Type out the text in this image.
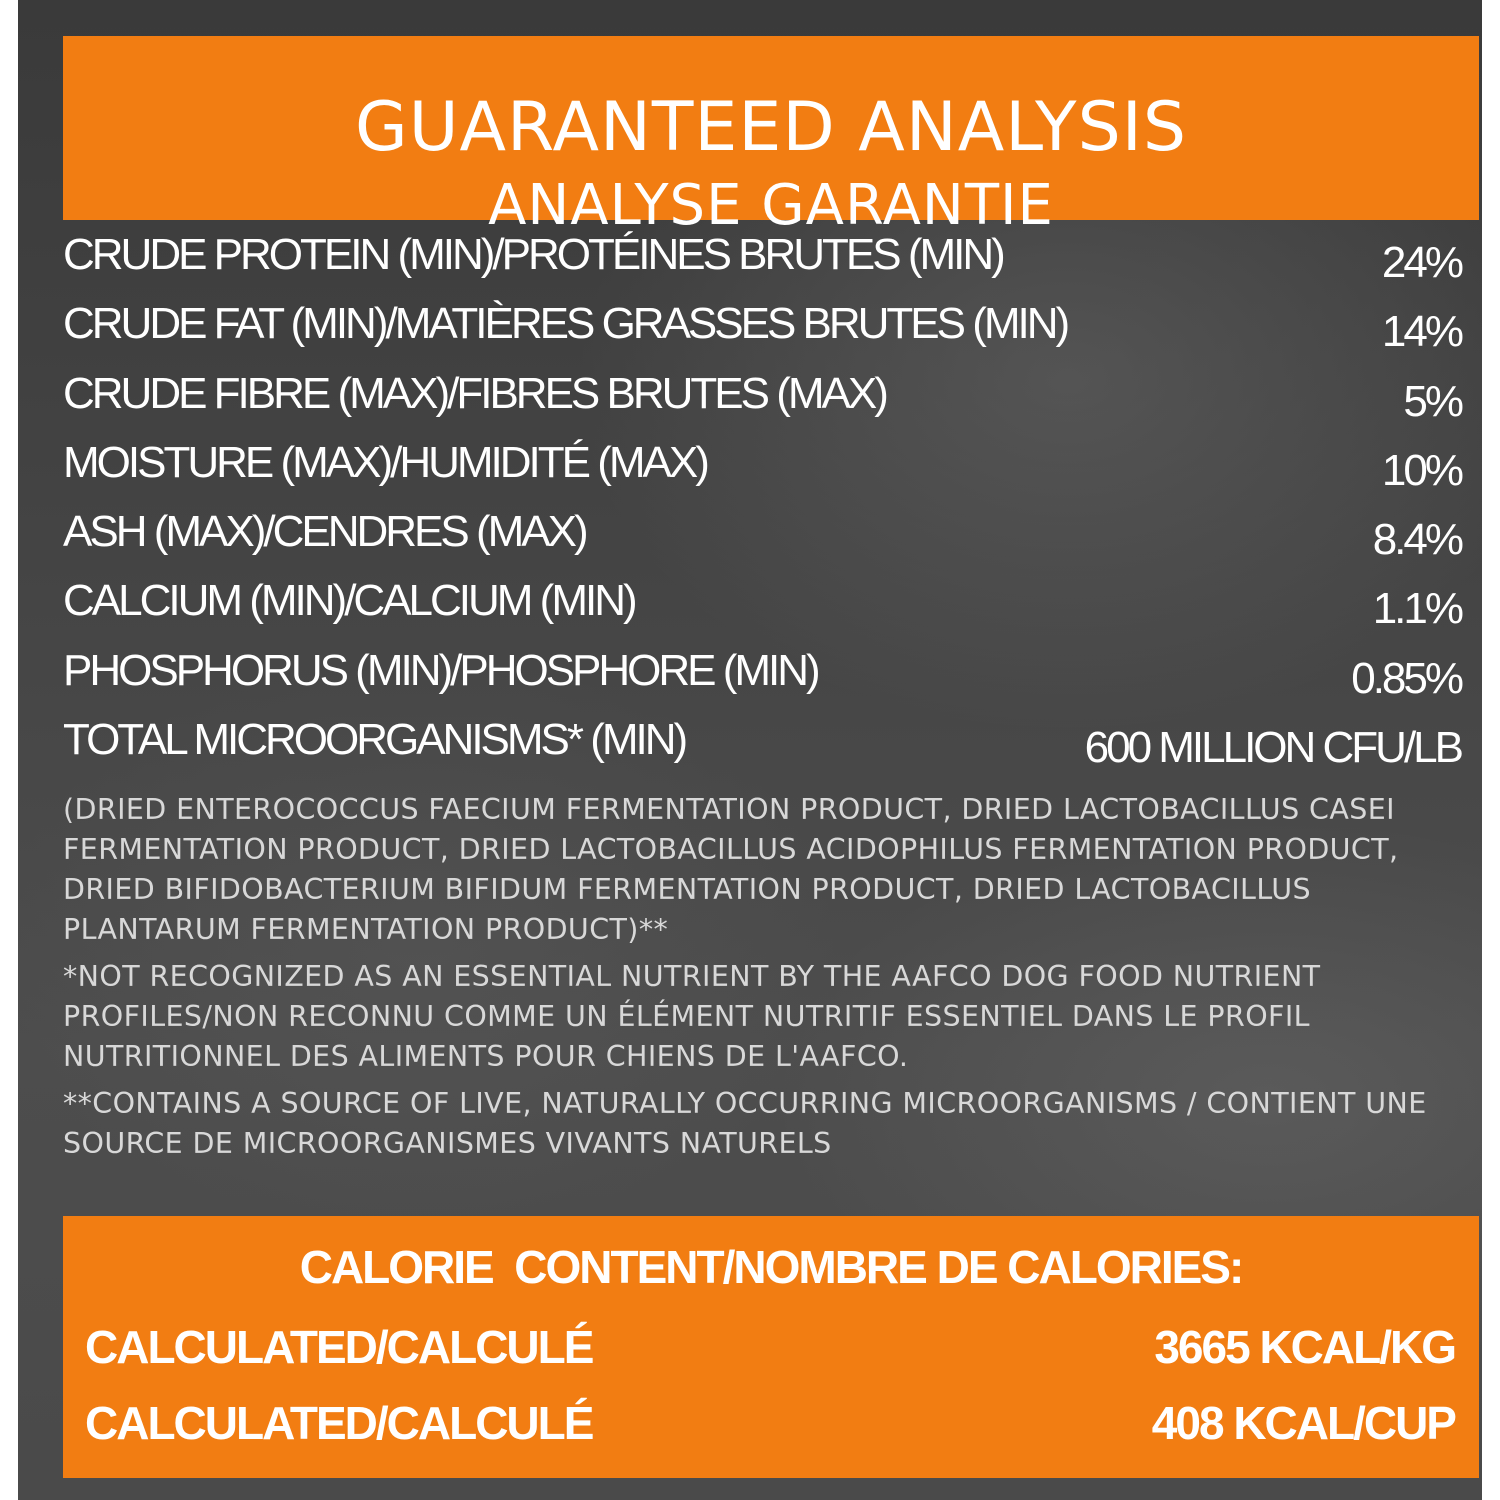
GUARANTEED ANALYSIS
ANALYSE GARANTIE
CRUDE PROTEIN (MIN)/PROTÉINES BRUTES (MIN)	24%
CRUDE FAT (MIN)/MATIÈRES GRASSES BRUTES (MIN)	14%
CRUDE FIBRE (MAX)/FIBRES BRUTES (MAX)	5%
MOISTURE (MAX)/HUMIDITÉ (MAX)	10%
ASH (MAX)/CENDRES (MAX)	8.4%
CALCIUM (MIN)/CALCIUM (MIN)	1.1%
PHOSPHORUS (MIN)/PHOSPHORE (MIN)	0.85%
TOTAL MICROORGANISMS* (MIN)	600 MILLION CFU/LB

(DRIED ENTEROCOCCUS FAECIUM FERMENTATION PRODUCT, DRIED LACTOBACILLUS CASEI FERMENTATION PRODUCT, DRIED LACTOBACILLUS ACIDOPHILUS FERMENTATION PRODUCT, DRIED BIFIDOBACTERIUM BIFIDUM FERMENTATION PRODUCT, DRIED LACTOBACILLUS PLANTARUM FERMENTATION PRODUCT)**

*NOT RECOGNIZED AS AN ESSENTIAL NUTRIENT BY THE AAFCO DOG FOOD NUTRIENT PROFILES/NON RECONNU COMME UN ÉLÉMENT NUTRITIF ESSENTIEL DANS LE PROFIL NUTRITIONNEL DES ALIMENTS POUR CHIENS DE L'AAFCO.

**CONTAINS A SOURCE OF LIVE, NATURALLY OCCURRING MICROORGANISMS / CONTIENT UNE SOURCE DE MICROORGANISMES VIVANTS NATURELS

CALORIE  CONTENT/NOMBRE DE CALORIES:
CALCULATED/CALCULÉ	3665 KCAL/KG
CALCULATED/CALCULÉ	408 KCAL/CUP
